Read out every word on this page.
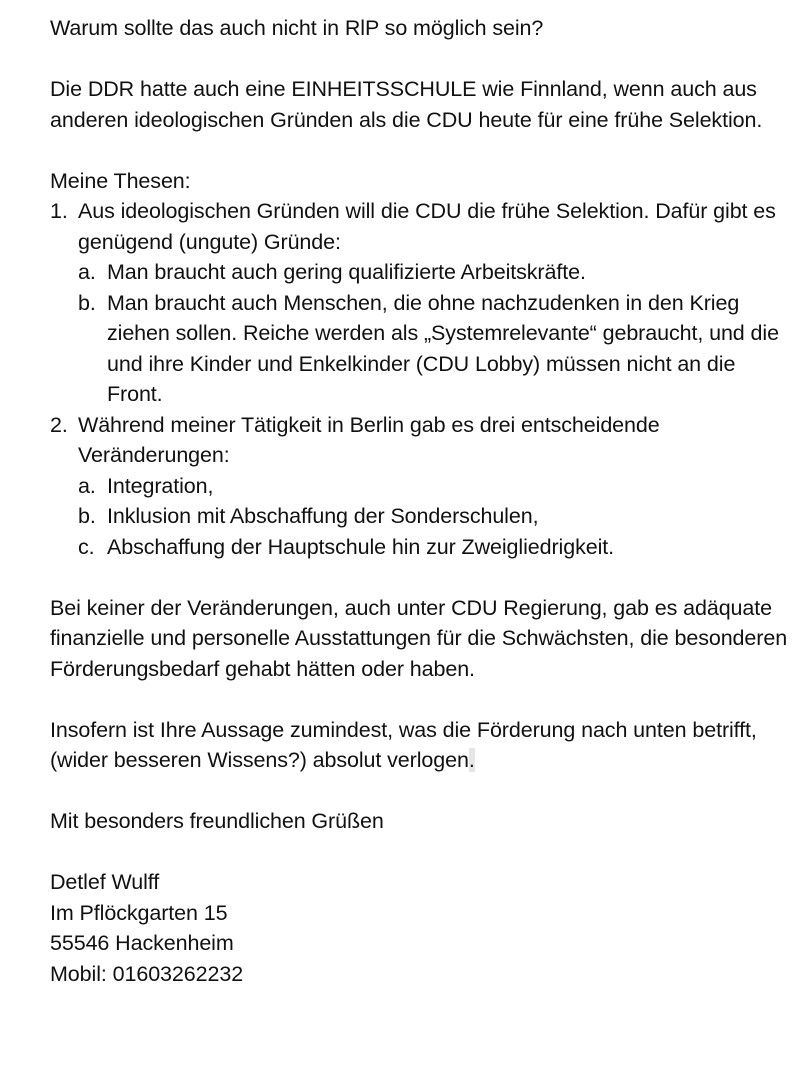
Warum sollte das auch nicht in RlP so möglich sein?

Die DDR hatte auch eine EINHEITSSCHULE wie Finnland, wenn auch aus anderen ideologischen Gründen als die CDU heute für eine frühe Selektion.

Meine Thesen:

1. Aus ideologischen Gründen will die CDU die frühe Selektion. Dafür gibt es genügend (ungute) Gründe:
a. Man braucht auch gering qualifizierte Arbeitskräfte.
b. Man braucht auch Menschen, die ohne nachzudenken in den Krieg ziehen sollen. Reiche werden als „Systemrelevante“ gebraucht, und die und ihre Kinder und Enkelkinder (CDU Lobby) müssen nicht an die Front.
2. Während meiner Tätigkeit in Berlin gab es drei entscheidende Veränderungen:
a. Integration,
b. Inklusion mit Abschaffung der Sonderschulen,
c. Abschaffung der Hauptschule hin zur Zweigliedrigkeit.

Bei keiner der Veränderungen, auch unter CDU Regierung, gab es adäquate finanzielle und personelle Ausstattungen für die Schwächsten, die besonderen Förderungsbedarf gehabt hätten oder haben.

Insofern ist Ihre Aussage zumindest, was die Förderung nach unten betrifft, (wider besseren Wissens?) absolut verlogen.

Mit besonders freundlichen Grüßen

Detlef Wulff
Im Pflöckgarten 15
55546 Hackenheim
Mobil: 01603262232
